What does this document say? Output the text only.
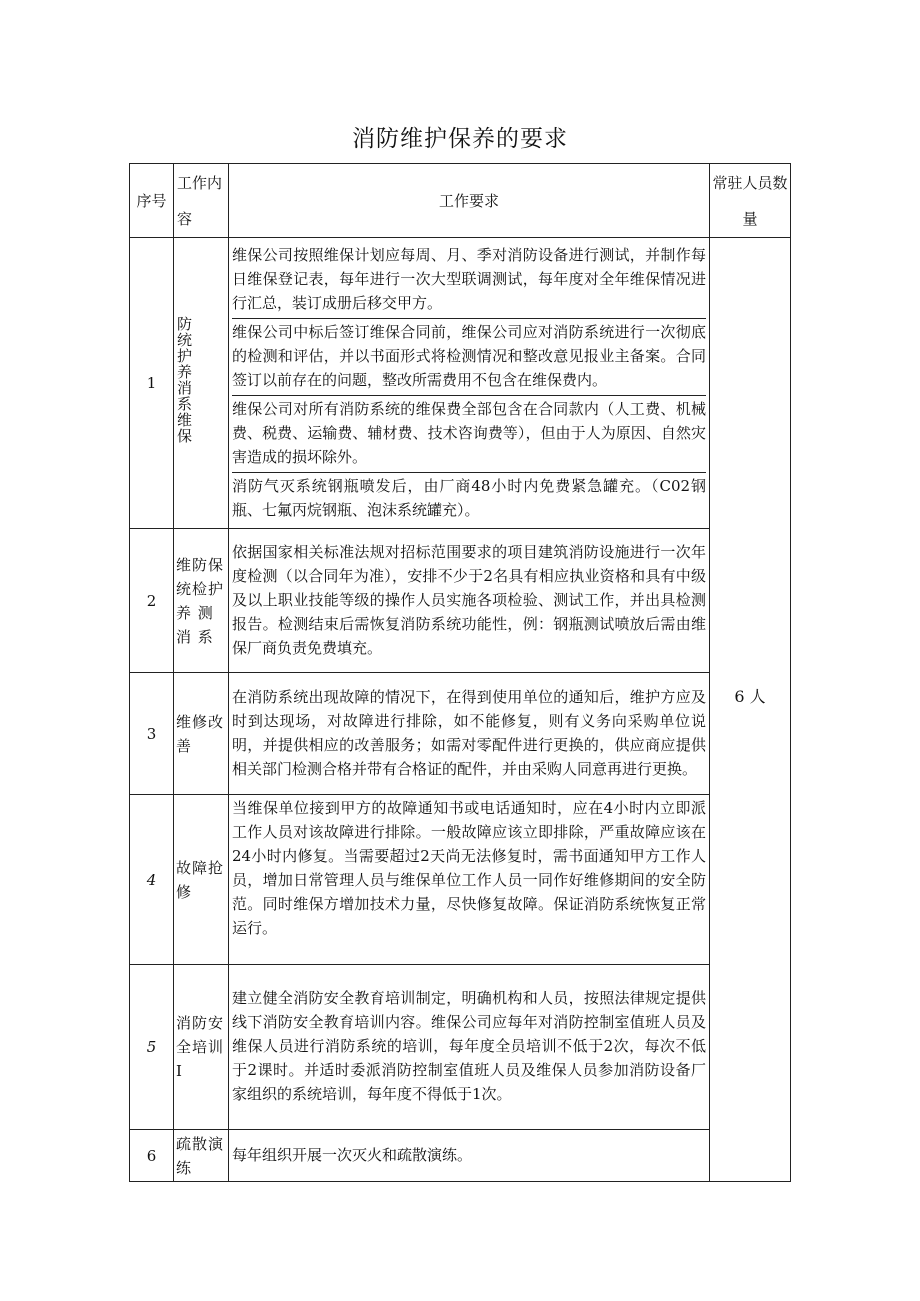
消防维护保养的要求
序号	工作内容	工作要求	常驻人员数量
1	防统护养消系维保	维保公司按照维保计划应每周、月、季对消防设备进行测试，并制作每日维保登记表，每年进行一次大型联调测试，每年度对全年维保情况进行汇总，装订成册后移交甲方。
维保公司中标后签订维保合同前，维保公司应对消防系统进行一次彻底的检测和评估，并以书面形式将检测情况和整改意见报业主备案。合同签订以前存在的问题，整改所需费用不包含在维保费内。
维保公司对所有消防系统的维保费全部包含在合同款内（人工费、机械费、税费、运输费、辅材费、技术咨询费等），但由于人为原因、自然灾害造成的损坏除外。
消防气灭系统钢瓶喷发后，由厂商48小时内免费紧急罐充。（C02钢瓶、七氟丙烷钢瓶、泡沫系统罐充）。	6 人

2	维防保统检护 养 测 消 系	依据国家相关标准法规对招标范围要求的项目建筑消防设施进行一次年度检测（以合同年为准），安排不少于2名具有相应执业资格和具有中级及以上职业技能等级的操作人员实施各项检验、测试工作，并出具检测报告。检测结束后需恢复消防系统功能性，例：钢瓶测试喷放后需由维保厂商负责免费填充。	

3	维修改善	在消防系统出现故障的情况下，在得到使用单位的通知后，维护方应及时到达现场，对故障进行排除，如不能修复，则有义务向采购单位说明，并提供相应的改善服务；如需对零配件进行更换的，供应商应提供相关部门检测合格并带有合格证的配件，并由采购人同意再进行更换。	

4	故障抢修	当维保单位接到甲方的故障通知书或电话通知时，应在4小时内立即派工作人员对该故障进行排除。一般故障应该立即排除，严重故障应该在24小时内修复。当需要超过2天尚无法修复时，需书面通知甲方工作人员，增加日常管理人员与维保单位工作人员一同作好维修期间的安全防范。同时维保方增加技术力量，尽快修复故障。保证消防系统恢复正常运行。	

5	消防安全培训 I	建立健全消防安全教育培训制定，明确机构和人员，按照法律规定提供线下消防安全教育培训内容。维保公司应每年对消防控制室值班人员及维保人员进行消防系统的培训，每年度全员培训不低于2次，每次不低于2课时。并适时委派消防控制室值班人员及维保人员参加消防设备厂家组织的系统培训，每年度不得低于1次。	

6	疏散演练	每年组织开展一次灭火和疏散演练。	
